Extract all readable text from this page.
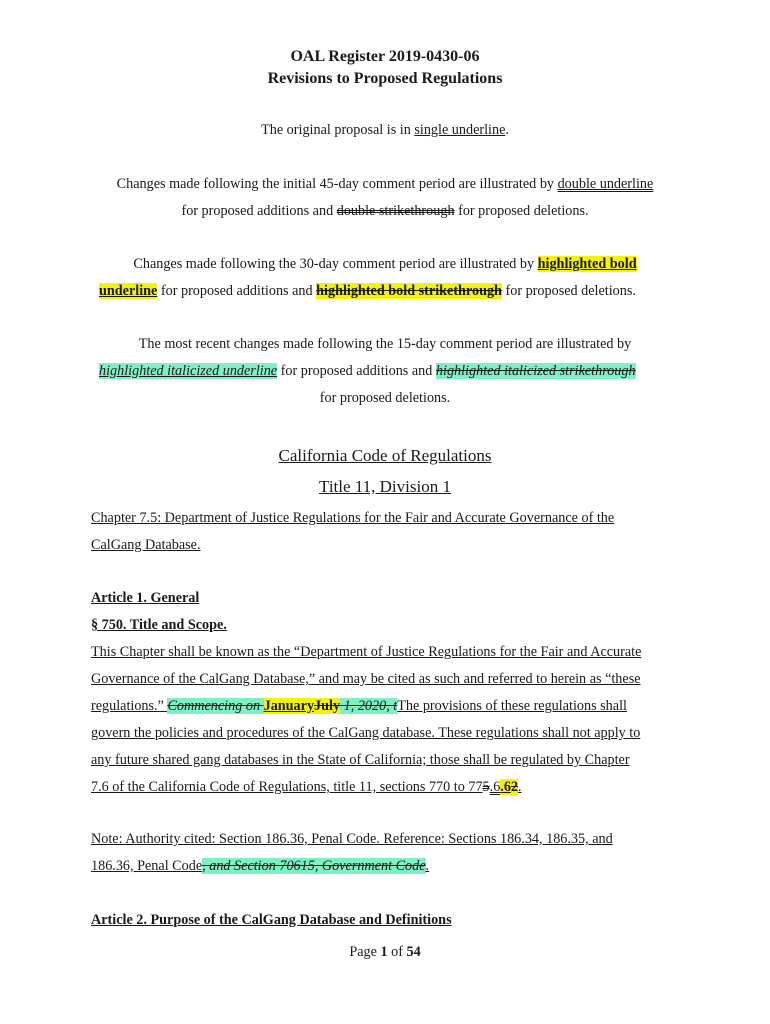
OAL Register 2019-0430-06
Revisions to Proposed Regulations
The original proposal is in single underline.
Changes made following the initial 45-day comment period are illustrated by double underline
for proposed additions and double strikethrough for proposed deletions.
Changes made following the 30-day comment period are illustrated by highlighted bold
underline for proposed additions and highlighted bold strikethrough for proposed deletions.
The most recent changes made following the 15-day comment period are illustrated by
highlighted italicized underline for proposed additions and highlighted italicized strikethrough
for proposed deletions.
California Code of Regulations
Title 11, Division 1
Chapter 7.5: Department of Justice Regulations for the Fair and Accurate Governance of the
CalGang Database.
Article 1. General
§ 750. Title and Scope.
This Chapter shall be known as the “Department of Justice Regulations for the Fair and Accurate
Governance of the CalGang Database,” and may be cited as such and referred to herein as “these
regulations.” Commencing on JanuaryJuly 1, 2020, tThe provisions of these regulations shall
govern the policies and procedures of the CalGang database. These regulations shall not apply to
any future shared gang databases in the State of California; those shall be regulated by Chapter
7.6 of the California Code of Regulations, title 11, sections 770 to 775.6.62.
Note: Authority cited: Section 186.36, Penal Code. Reference: Sections 186.34, 186.35, and
186.36, Penal Code, and Section 70615, Government Code.
Article 2. Purpose of the CalGang Database and Definitions
Page 1 of 54
